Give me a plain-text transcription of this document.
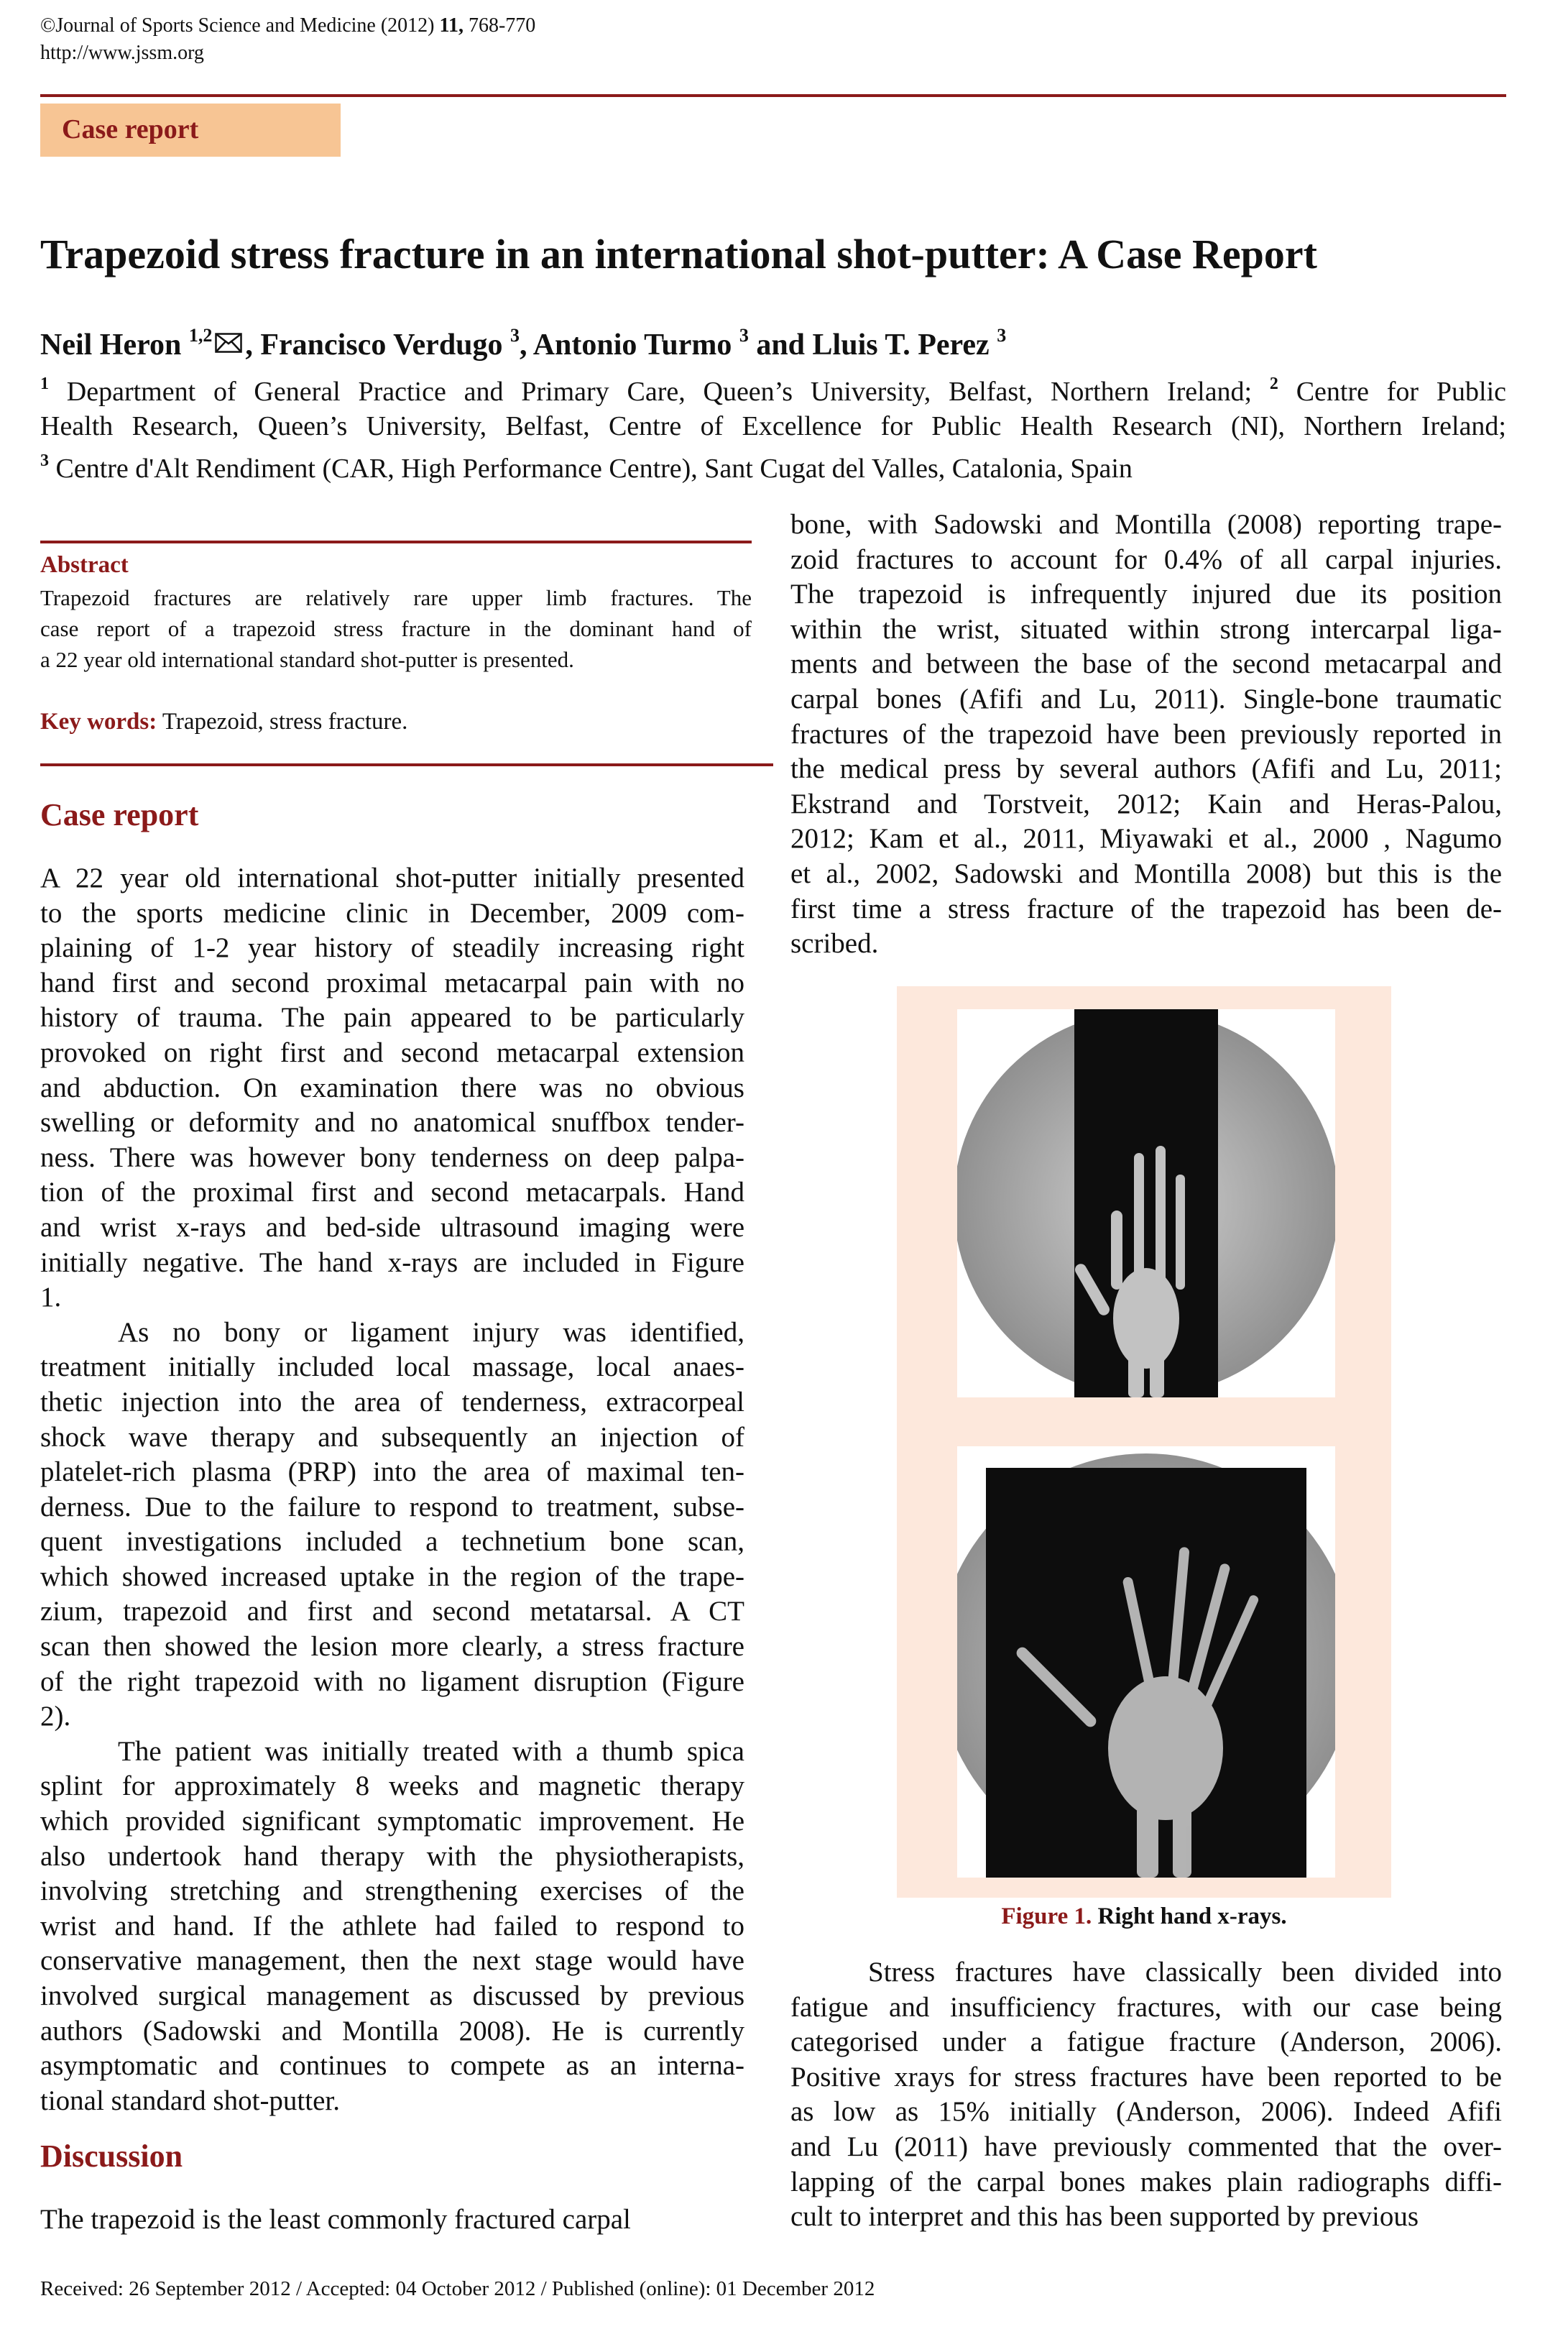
©Journal of Sports Science and Medicine (2012) 11, 768-770
http://www.jssm.org
Case report
Trapezoid stress fracture in an international shot-putter: A Case Report
Neil Heron $^{1,2}$ , Francisco Verdugo $^3$, Antonio Turmo $^3$ and Lluis T. Perez $^3$
$^1$ Department of General Practice and Primary Care, Queen’s University, Belfast, Northern Ireland; $^2$ Centre for Public
Health Research, Queen’s University, Belfast, Centre of Excellence for Public Health Research (NI), Northern Ireland;
$^3$ Centre d'Alt Rendiment (CAR, High Performance Centre), Sant Cugat del Valles, Catalonia, Spain
Abstract
Trapezoid fractures are relatively rare upper limb fractures. The
case report of a trapezoid stress fracture in the dominant hand of
a 22 year old international standard shot-putter is presented.
Key words: Trapezoid, stress fracture.
Case report
A 22 year old international shot-putter initially presented
to the sports medicine clinic in December, 2009 com-
plaining of 1-2 year history of steadily increasing right
hand first and second proximal metacarpal pain with no
history of trauma. The pain appeared to be particularly
provoked on right first and second metacarpal extension
and abduction. On examination there was no obvious
swelling or deformity and no anatomical snuffbox tender-
ness. There was however bony tenderness on deep palpa-
tion of the proximal first and second metacarpals. Hand
and wrist x-rays and bed-side ultrasound imaging were
initially negative. The hand x-rays are included in Figure
1.
As no bony or ligament injury was identified,
treatment initially included local massage, local anaes-
thetic injection into the area of tenderness, extracorpeal
shock wave therapy and subsequently an injection of
platelet-rich plasma (PRP) into the area of maximal ten-
derness. Due to the failure to respond to treatment, subse-
quent investigations included a technetium bone scan,
which showed increased uptake in the region of the trape-
zium, trapezoid and first and second metatarsal. A CT
scan then showed the lesion more clearly, a stress fracture
of the right trapezoid with no ligament disruption (Figure
2).
The patient was initially treated with a thumb spica
splint for approximately 8 weeks and magnetic therapy
which provided significant symptomatic improvement. He
also undertook hand therapy with the physiotherapists,
involving stretching and strengthening exercises of the
wrist and hand. If the athlete had failed to respond to
conservative management, then the next stage would have
involved surgical management as discussed by previous
authors (Sadowski and Montilla 2008). He is currently
asymptomatic and continues to compete as an interna-
tional standard shot-putter.
Discussion
The trapezoid is the least commonly fractured carpal
bone, with Sadowski and Montilla (2008) reporting trape-
zoid fractures to account for 0.4% of all carpal injuries.
The trapezoid is infrequently injured due its position
within the wrist, situated within strong intercarpal liga-
ments and between the base of the second metacarpal and
carpal bones (Afifi and Lu, 2011). Single-bone traumatic
fractures of the trapezoid have been previously reported in
the medical press by several authors (Afifi and Lu, 2011;
Ekstrand and Torstveit, 2012; Kain and Heras-Palou,
2012; Kam et al., 2011, Miyawaki et al., 2000 , Nagumo
et al., 2002, Sadowski and Montilla 2008) but this is the
first time a stress fracture of the trapezoid has been de-
scribed.
Figure 1. Right hand x-rays.
Stress fractures have classically been divided into
fatigue and insufficiency fractures, with our case being
categorised under a fatigue fracture (Anderson, 2006).
Positive xrays for stress fractures have been reported to be
as low as 15% initially (Anderson, 2006). Indeed Afifi
and Lu (2011) have previously commented that the over-
lapping of the carpal bones makes plain radiographs diffi-
cult to interpret and this has been supported by previous
Received: 26 September 2012 / Accepted: 04 October 2012 / Published (online): 01 December 2012
